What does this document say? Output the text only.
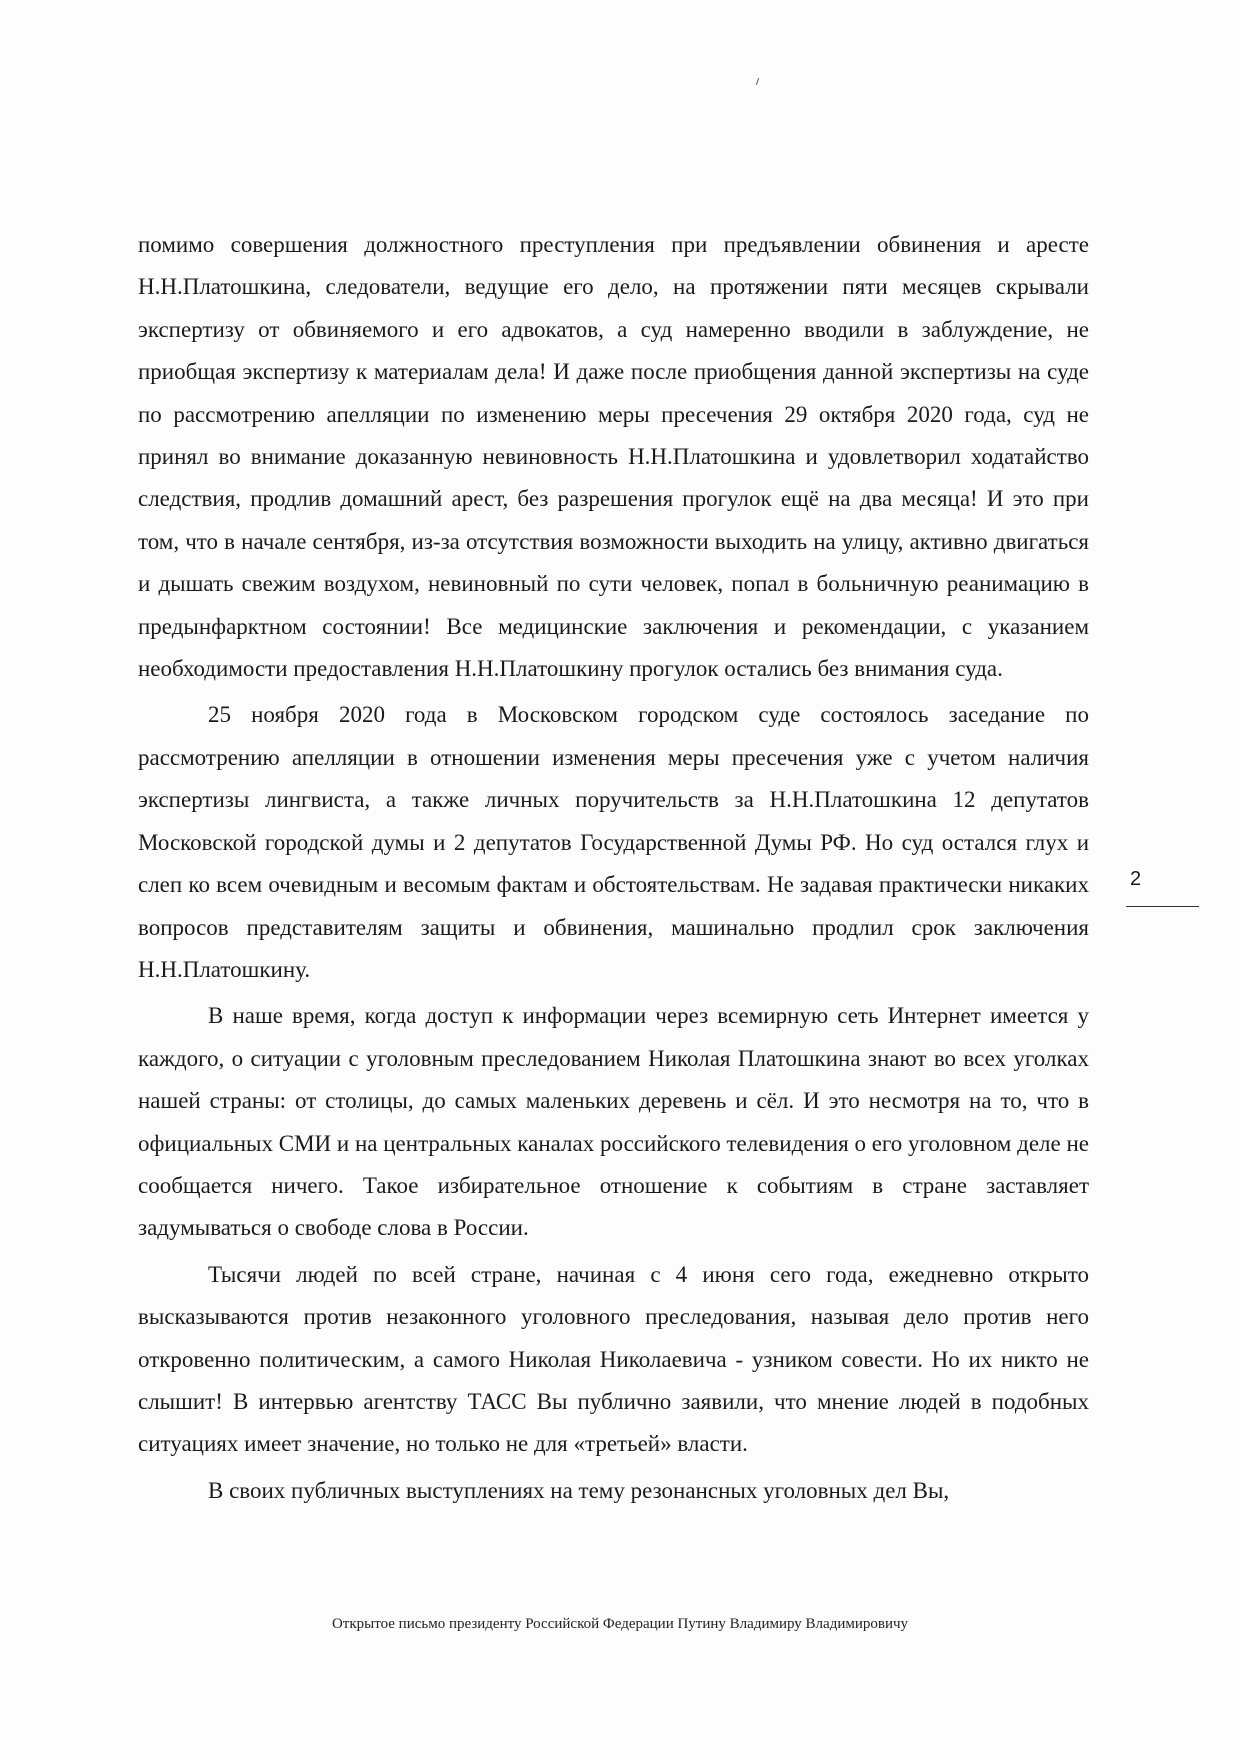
помимо совершения должностного преступления при предъявлении обвинения и аресте Н.Н.Платошкина, следователи, ведущие его дело, на протяжении пяти месяцев скрывали экспертизу от обвиняемого и его адвокатов, а суд намеренно вводили в заблуждение, не приобщая экспертизу к материалам дела! И даже после приобщения данной экспертизы на суде по рассмотрению апелляции по изменению меры пресечения 29 октября 2020 года, суд не принял во внимание доказанную невиновность Н.Н.Платошкина и удовлетворил ходатайство следствия, продлив домашний арест, без разрешения прогулок ещё на два месяца! И это при том, что в начале сентября, из-за отсутствия возможности выходить на улицу, активно двигаться и дышать свежим воздухом, невиновный по сути человек, попал в больничную реанимацию в предынфарктном состоянии! Все медицинские заключения и рекомендации, с указанием необходимости предоставления Н.Н.Платошкину прогулок остались без внимания суда.

25 ноября 2020 года в Московском городском суде состоялось заседание по рассмотрению апелляции в отношении изменения меры пресечения уже с учетом наличия экспертизы лингвиста, а также личных поручительств за Н.Н.Платошкина 12 депутатов Московской городской думы и 2 депутатов Государственной Думы РФ. Но суд остался глух и слеп ко всем очевидным и весомым фактам и обстоятельствам. Не задавая практически никаких вопросов представителям защиты и обвинения, машинально продлил срок заключения Н.Н.Платошкину.

В наше время, когда доступ к информации через всемирную сеть Интернет имеется у каждого, о ситуации с уголовным преследованием Николая Платошкина знают во всех уголках нашей страны: от столицы, до самых маленьких деревень и сёл. И это несмотря на то, что в официальных СМИ и на центральных каналах российского телевидения о его уголовном деле не сообщается ничего. Такое избирательное отношение к событиям в стране заставляет задумываться о свободе слова в России.

Тысячи людей по всей стране, начиная с 4 июня сего года, ежедневно открыто высказываются против незаконного уголовного преследования, называя дело против него откровенно политическим, а самого Николая Николаевича - узником совести. Но их никто не слышит! В интервью агентству ТАСС Вы публично заявили, что мнение людей в подобных ситуациях имеет значение, но только не для «третьей» власти.

В своих публичных выступлениях на тему резонансных уголовных дел Вы,

2
Открытое письмо президенту Российской Федерации Путину Владимиру Владимировичу
